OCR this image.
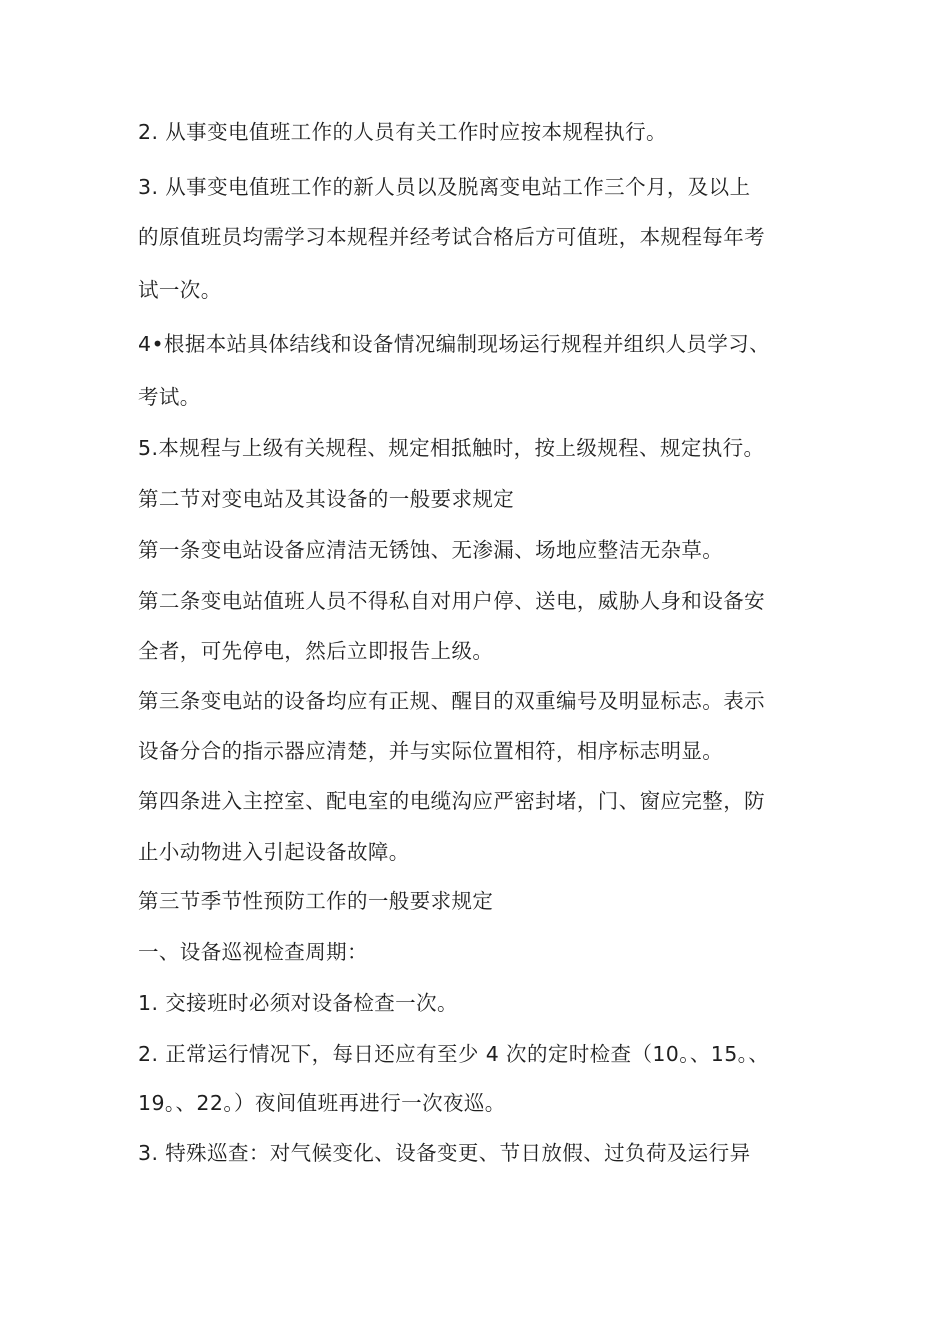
2. 从事变电值班工作的人员有关工作时应按本规程执行。
3. 从事变电值班工作的新人员以及脱离变电站工作三个月，及以上
的原值班员均需学习本规程并经考试合格后方可值班，本规程每年考
试一次。
4•根据本站具体结线和设备情况编制现场运行规程并组织人员学习、
考试。
5.本规程与上级有关规程、规定相抵触时，按上级规程、规定执行。
第二节对变电站及其设备的一般要求规定
第一条变电站设备应清洁无锈蚀、无渗漏、场地应整洁无杂草。
第二条变电站值班人员不得私自对用户停、送电，威胁人身和设备安
全者，可先停电，然后立即报告上级。
第三条变电站的设备均应有正规、醒目的双重编号及明显标志。表示
设备分合的指示器应清楚，并与实际位置相符，相序标志明显。
第四条进入主控室、配电室的电缆沟应严密封堵，门、窗应完整，防
止小动物进入引起设备故障。
第三节季节性预防工作的一般要求规定
一、设备巡视检查周期：
1. 交接班时必须对设备检查一次。
2. 正常运行情况下，每日还应有至少 4 次的定时检查（10。、15。、
19。、22。）夜间值班再进行一次夜巡。
3. 特殊巡查：对气候变化、设备变更、节日放假、过负荷及运行异
